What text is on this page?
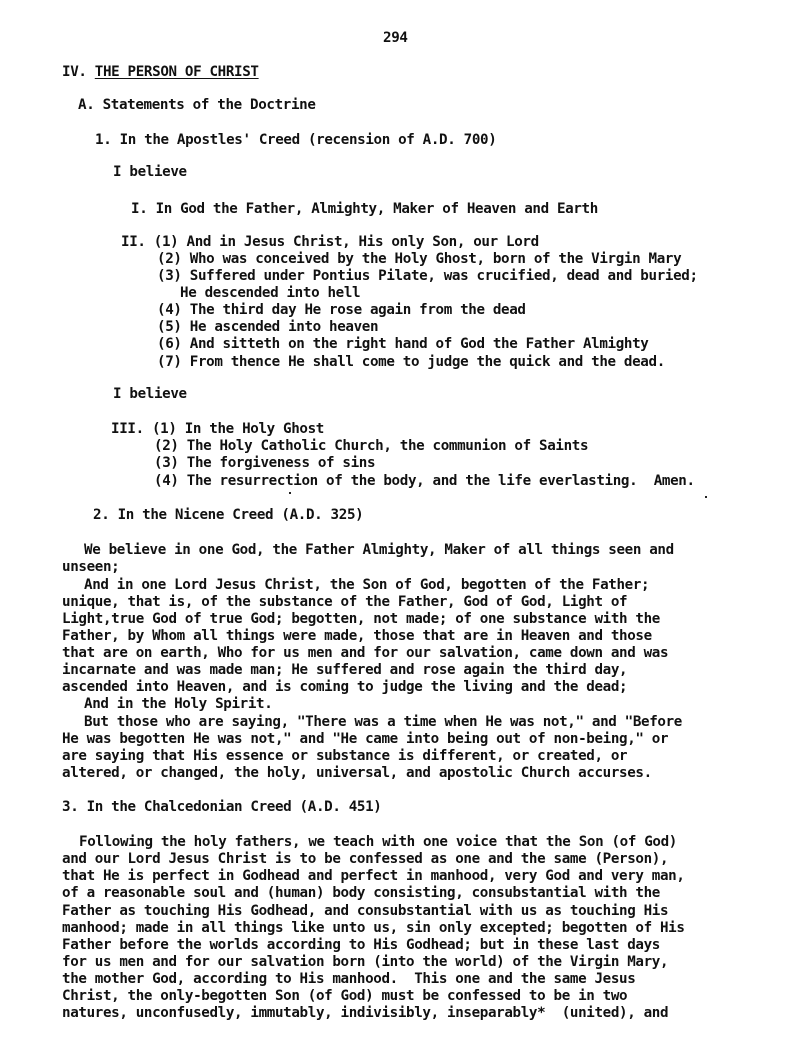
294
IV. THE PERSON OF CHRIST
A. Statements of the Doctrine
1. In the Apostles' Creed (recension of A.D. 700)
I believe
I. In God the Father, Almighty, Maker of Heaven and Earth
II. (1) And in Jesus Christ, His only Son, our Lord
(2) Who was conceived by the Holy Ghost, born of the Virgin Mary
(3) Suffered under Pontius Pilate, was crucified, dead and buried;
He descended into hell
(4) The third day He rose again from the dead
(5) He ascended into heaven
(6) And sitteth on the right hand of God the Father Almighty
(7) From thence He shall come to judge the quick and the dead.
I believe
III. (1) In the Holy Ghost
(2) The Holy Catholic Church, the communion of Saints
(3) The forgiveness of sins
(4) The resurrection of the body, and the life everlasting.  Amen.
2. In the Nicene Creed (A.D. 325)
We believe in one God, the Father Almighty, Maker of all things seen and
unseen;
And in one Lord Jesus Christ, the Son of God, begotten of the Father;
unique, that is, of the substance of the Father, God of God, Light of
Light,true God of true God; begotten, not made; of one substance with the
Father, by Whom all things were made, those that are in Heaven and those
that are on earth, Who for us men and for our salvation, came down and was
incarnate and was made man; He suffered and rose again the third day,
ascended into Heaven, and is coming to judge the living and the dead;
And in the Holy Spirit.
But those who are saying, "There was a time when He was not," and "Before
He was begotten He was not," and "He came into being out of non-being," or
are saying that His essence or substance is different, or created, or
altered, or changed, the holy, universal, and apostolic Church accurses.
3. In the Chalcedonian Creed (A.D. 451)
Following the holy fathers, we teach with one voice that the Son (of God)
and our Lord Jesus Christ is to be confessed as one and the same (Person),
that He is perfect in Godhead and perfect in manhood, very God and very man,
of a reasonable soul and (human) body consisting, consubstantial with the
Father as touching His Godhead, and consubstantial with us as touching His
manhood; made in all things like unto us, sin only excepted; begotten of His
Father before the worlds according to His Godhead; but in these last days
for us men and for our salvation born (into the world) of the Virgin Mary,
the mother God, according to His manhood.  This one and the same Jesus
Christ, the only-begotten Son (of God) must be confessed to be in two
natures, unconfusedly, immutably, indivisibly, inseparably*  (united), and
